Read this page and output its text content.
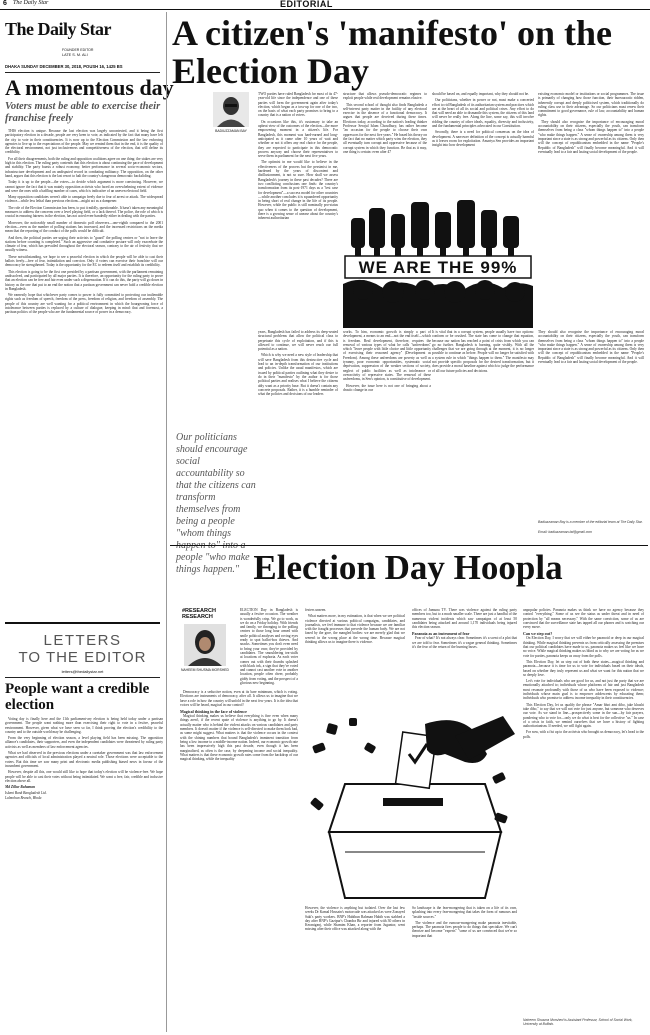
6 The Daily Star	EDITORIAL
The Daily Star
FOUNDER EDITOR
LATE S. M. ALI
DHAKA SUNDAY DECEMBER 30, 2018, POUSH 16, 1425 BS
A momentous day
Voters must be able to exercise their franchise freely

THIS election is unique. Because the last election was largely uncontested, and it being the first participatory election in a decade, people are very keen to vote, as indicated by the fact that many have left the city to vote in their constituencies. It is now up to the Election Commission and the law enforcing agencies to live up to the expectations of the people. May we remind them that in the end, it is the quality of the electoral environment, not just inclusiveness and competitiveness of the election, that will define its credibility.

For all their disagreements, both the ruling and opposition coalitions agree on one thing: the stakes are very high in this election. The ruling party contends that this election is about continuing the pace of development and stability. The party boasts a robust economy, better performance in several socio-economic sectors, infrastructure development and an undisputed record in combating militancy. The opposition, on the other hand, argues that this election is the last resort to halt the country's dangerous democratic backsliding.

Today it is up to the people—the voters—to decide which argument is more convincing. However, we cannot ignore the fact that it was mainly opposition activists who faced an overwhelming extent of violence and were the ones with a baffling number of cases, which is indicative of an uneven electoral field.

Many opposition candidates weren't able to campaign freely due to fear of arrest or attack. The widespread violence—while less lethal than previous elections—might act as a dampener.

The role of the Election Commission has been, to put it mildly, questionable. It hasn't taken any meaningful measures to address the concerns over a level playing field, or a lack thereof. The police, the role of which is crucial in ensuring fairness in the election, has not acted even-handedly either in dealing with the parties.

Moreover, the noticeably small number of domestic poll observers—one-eighth compared to the 2001 election—even as the number of polling stations has increased, and the increased restrictions on the media mean that the reporting of the conduct of the polls would be difficult.

And then, the political parties are urging their activists to "guard" the polling centres or "not to leave the stations before counting is completed." Such an aggressive and combative posture will only exacerbate the climate of fear, which has prevailed throughout the electoral season, contrary to the air of festivity that we usually witness.

These notwithstanding, we hope to see a peaceful election in which the people will be able to cast their ballots freely—free of fear, intimidation and coercion. Only if voters can exercise their franchise will our democracy be strengthened. Today is the opportunity for the EC to redeem itself and establish its credibility.

This election is going to be the first one presided by a partisan government, with the parliament remaining undissolved, and participated by all major parties. It is therefore, an opportunity for the ruling party to prove that an election can be free and fair even under such a dispensation. If it can do this, the party will go down in history as the one that put to an end the notion that a partisan government can never hold a credible election in Bangladesh.

We earnestly hope that whichever party comes to power is fully committed to protecting our inalienable rights such as freedom of speech, freedom of the press, freedom of religion, and freedom of assembly. The people of this country are well wanting for a political environment in which the bourgeoning force of intolerance between parties is replaced by a culture of dialogue, keeping in mind: that and foremost, a partisan politics of the people who are the fundamental source of power in a democracy.

LETTERS
TO THE EDITOR
letters@thedailystar.net
People want a credible election

Voting day is finally here and the 11th parliament-ary election is being held today under a partisan government. The people want nothing more than exercising their right to vote in a festive, peaceful environment. However, given what we have seen so far, I think proving the election's credibility to the country and to the outside world may be challenging.

From the very beginning of election season, a level playing field has been missing. The opposition alliance's candidates, their supporters, and even the independent candidates were threatened by ruling party activists as well as members of law enforcement agencies.

What we had observed in the previous elections under a caretaker government was that law enforcement agencies and officials of local administration played a neutral role. Those elections were acceptable to the voters. But this time we saw many print and electronic media publishing biased news in favour of the incumbent government.

However, despite all this, one would still like to hope that today's election will be violence-free. We hope people will be able to cast their votes without being intimidated. We want a free, fair, credible and inclusive election above all.

Md Zillur Rahaman

Islami Bank Bangladesh Ltd.

Lalmohan Branch, Bhola

A citizen's 'manifesto' on the Election Day
BADIUZZAMAN BAY

TWO parties have ruled Bangladesh for most of its 47-year-old life since the independence and one of these parties will form the government again after today's election, which began as a toss-up for one of the two, on the basis of what each party promises to bring to a country that is a nation of voters.

On occasions like this, it's customary to take an upbeat view of the outcomes of the election—the more empowering moment in a citizen's life. For Bangladesh, this moment was hard-earned and long-anticipated as it came after 10 years of wait and whether or not it offers any real choice for the people, they are expected to participate in this democratic process anyway and choose their representatives to serve them in parliament for the next five years.

The optimist in me would like to believe in the effectiveness of the process but the pessimist in me, hardened by the years of discontent and disillusionment, is not so sure. How shall we assess Bangladesh's journey in these past decades? There are two conflicting conclusions one finds: the country's transformation from its post-1971 days as a "test case for development"—a success model for other countries—while another concludes it is squandered opportunity in being short of real change in the life of its people. However, while the public is still nominally pro-status quo when it comes to the question of development, there is a growing sense of unease about the country's inherent authoritarian

structure that allows pseudo-democratic regimes to exploit people while real development remains elusive.

This second school of thought also finds Bangladesh a self-interest party matter in the futility of any electoral exercise in the absence of a functional democracy. It argues that people are deceived during these times. Elections today, according to the nation's leading thinker Professor Serajul Islam Choudhury, has rather become "an occasion for the people to choose their own oppressors for the next five years." He based his theory on the fact that no matter which party wins the election, they all eventually turn corrupt and oppressive because of the corrupt system in which they function. Be that as it may, one thing is certain: even after 47

should be based on, and equally important, why they should not be.

Our politicians, whether in power or not, must make a concerted effort to rid Bangladesh of its authoritarian system and practices which are at the heart of all its social and political crises. Any effort to do that will need an able to dismantle this system, the citizens of this land will never be really free. Along the line, some say, this will involve ridding the country of other ideals, equality, diversity and inclusivity, and the fundamental principles advocated in our Constitution.

Secondly, there is a need for political consensus on the idea of development. A narrower definition of the concept is actually harmful as it leaves room for exploitation. Amartya Sen provides an important insight into how development

existing economic model or institutions or social programmes. The issue is primarily of changing how those function, their bureaucratic ridden, inherently corrupt and deeply politicised system, which traditionally do ruling class use to their advantage. So our politicians must renew their commitment to good governance, rule of law, accountability and human rights.

They should also recognise the importance of encouraging moral accountability on their citizens, especially the youth, can transform themselves from being a class "whom things happen to" into a people "who make things happen." A sense of ownership among them is very important since a state is as strong and powerful as its citizens. Only then will the concept of republicanism embedded in the name "People's Republic of Bangladesh" will finally become meaningful. And it will eventually lead to a fair and lasting social development of the people.

WE ARE THE 99%
Our politicians should encourage social accountability so that the citizens can transform themselves from being a people "whom things happen to" into a people "who make things happen."

years, Bangladesh has failed to address its deep-seated structural problems that allow the political class to perpetuate this cycle of exploitation, and if this is allowed to continue, we will never reach our full potential as a nation.

Which is why we need a new style of leadership that will save Bangladesh from this destructive cycle and lead to an in-depth transformation of our institutions and policies. Unlike the usual manifestos, which are issued by political parties outlining what they desire to do in their "manifesto" by the author is for those political parties and realises what I believe the citizens ably want as a priority base. But it doesn't contain any concrete proposals. Rather, it is a humble reminder of what the policies and decisions of our leaders

works. To him, economic growth is simply a part of development, a means to an end—not the end itself—which is freedom. Real development, therefore, requires the removal of various types of what he calls "unfreedoms" which "leave people with little choice and little opportunity of exercising their reasoned agency" (Development as Freedom). Among these unfreedoms are poverty as well as tyranny, poor economic opportunities, systematic social deprivation, suppression of the weaker sections of society, neglect of public facilities as well as intolerance or overactivity of repressive states. The removal of these unfreedoms, in Sen's opinion, is constitutive of development.

However, the issue here is not one of bringing about a drastic change in our

It is vital that in a corrupt system, people usually have two options: conform or be crushed. The state has come to change that equation, because our nation has reached a point of crisis from which you can go no further. Bangladesh is burning, quite visibly. With all the challenges that we are going through at the moment, it is no longer possible to continue as before. People will no longer be satisfied with a system rule in which "things happen to them." The manifesto may not provide specific proposals for the desired transformation, but it does provide a moral baseline against which to judge the performance of all our future policies and decisions.

They should also recognise the importance of encouraging moral accountability on their citizens, especially the youth, can transform themselves from being a class "whom things happen to" into a people "who make things happen." A sense of ownership among them is very important since a state is as strong and powerful as its citizens. Only then will the concept of republicanism embedded in the name "People's Republic of Bangladesh" will finally become meaningful. And it will eventually lead to a fair and lasting social development of the people.

Badiuzzaman Bay is a member of the editorial team at The Daily Star.
Email: badiuzzaman.bd@gmail.com
Election Day Hoopla
#RESEARCH
RESEARCH
NAHEEM SHUSMA MORSHED

ELECTION Day in Bangladesh is usually a festive occasion. The weather is wonderfully crisp. We go to work, as we do on a Friday holiday. With friends and family, we thronging to the polling centres to those long hour armed with smile political analyses and roving eyes ready to spot ballot-box thieves. And snacks. Sometimes you don't even need to bring your own; they're provided by candidates. The smouldering tea-stalls at locations of euphoria. As each voter comes out with their thumbs splashed with black ink, a sign that they've voted and cannot cast another vote in another location, people often cheer, probably giddy from voting, and the prospect of a glorious new beginning.

Democracy is a seductive notion, even at its bare minimum, which is voting. Elections are instruments of democracy, after all. It allows us to imagine that we have a role in how the country will unfold in the next few years. It is the idea that voices will be heard, magical in our control!

Magical thinking in the face of violence

Magical thinking makes us believe that everything is fine even when many things aren't, if the recent spate of violence is anything to go by. It doesn't actually matter who is behind the violent attacks on various candidates and party members. It doesn't matter if the violence is self-directed to make them look bad, as some might suggest. What matters is that the violence occurs in the context with the shining numbers that bound Bangladesh's imminent transition from being a low income to a middle-income nation. Indeed, our economic growth rate has been impressively high this past decade, even though it has been marginalised, as often is the case, by deepening income and social inequality. What matters is that these economic growth rates come from the backdrop of our magical thinking, while the inequality

festers unseen.

What matters more, in my estimation, is that when we see political violence directed at various political campaigns, candidates, and journalists, we feel immune to that violence because we are familiar with the fraught processes that precede the human body. We are not fazed by the gore, the mangled bodies: we are merely glad that we weren't in the wrong place at the wrong time. Because magical thinking allows us to imagine there is violence.

offices of Jamuna TV. There was violence against the ruling party members too, but to a much smaller scale. There are just a handful of the numerous violent incidents which saw campaigns of at least 50 candidates being attacked and around 1,170 individuals being injured this election season.

Paranoia as an instrument of fear

Fear of what? It's not always clear. Sometimes it's a scent of a plot that we are told to fear. Sometimes it's a vague general thinking. Sometimes it's the fear of the return of the burning buses.

unpopular policies. Paranoia makes us think we have no agency because they control "everything." Some of us see the status as under threat and in need of protection by "all means necessary." With the same conviction, some of us are convinced that the surveillance state has tapped all our phones and is watching our every move.

Can we step out?

On Election Day, I worry that we will either be paranoid or deep in our magical thinking. While magical thinking prevents us from critically assessing the premises that our political candidates have made to us, paranoia makes us feel like we have no voice. While magical thinking makes us blind as to why we are voting for as we vote for parties, paranoia keeps us away from the polls.

This Election Day, let us step out of both these states—magical thinking and paranoia—because it is time for us to vote for individuals based on their ideals, based on whether they truly represent us and what we want for this nation that we so deeply love.

Let's vote for individuals who are good for us, and not just the party that we are emotionally attached to; individuals whose platforms of fair and just Bangladesh most resonate profoundly with those of us who have been exposed to violence; individuals whose main goal is to empower adolescents by educating them; individuals who promise to address income inequality in their constituencies.

This Election Day, let us qualify the phrase "Amar bhot ami dibo, jake khushi take dibo," to say that we will not vote for just anyone, but someone who deserves our vote. As we stand in line—prospectively some in the sun—by fair prayers, pondering who to vote for—only we do what is best for the collective "us." In case of a crisis in faith, we remind ourselves that we have a history of fighting authoritarianism. If needed, we will fight again.

For now, with a fist up to the activists who brought us democracy, let's head to the polls.

However, the violence is anything but isolated. Over the last few weeks Dr Kamal Hossain's motorcade was attacked as were Zonayed Saki's party workers. BNP's Habibun Rahman Habib was stabbed a day after BNP's Gazipur's Chandra Bir and injured with 30 others in Keraniganj, while Shamim Khan, a reporter from Jugantor, went missing after their office was attacked along with the

So landscape is the fear-mongering that is taken on a life of its own, splashing into every fear-mongering that takes the form of rumours and "inside sources."

The violence and the rumour-mongering make paranoia inevitable, perhaps. The paranoia fires people to do things that specialize. We can't theorize and become "experts" "some of us are convinced that we're so important that

Naheem Shusma Morshed is Assistant Professor, School of Social Work, University at Buffalo.
